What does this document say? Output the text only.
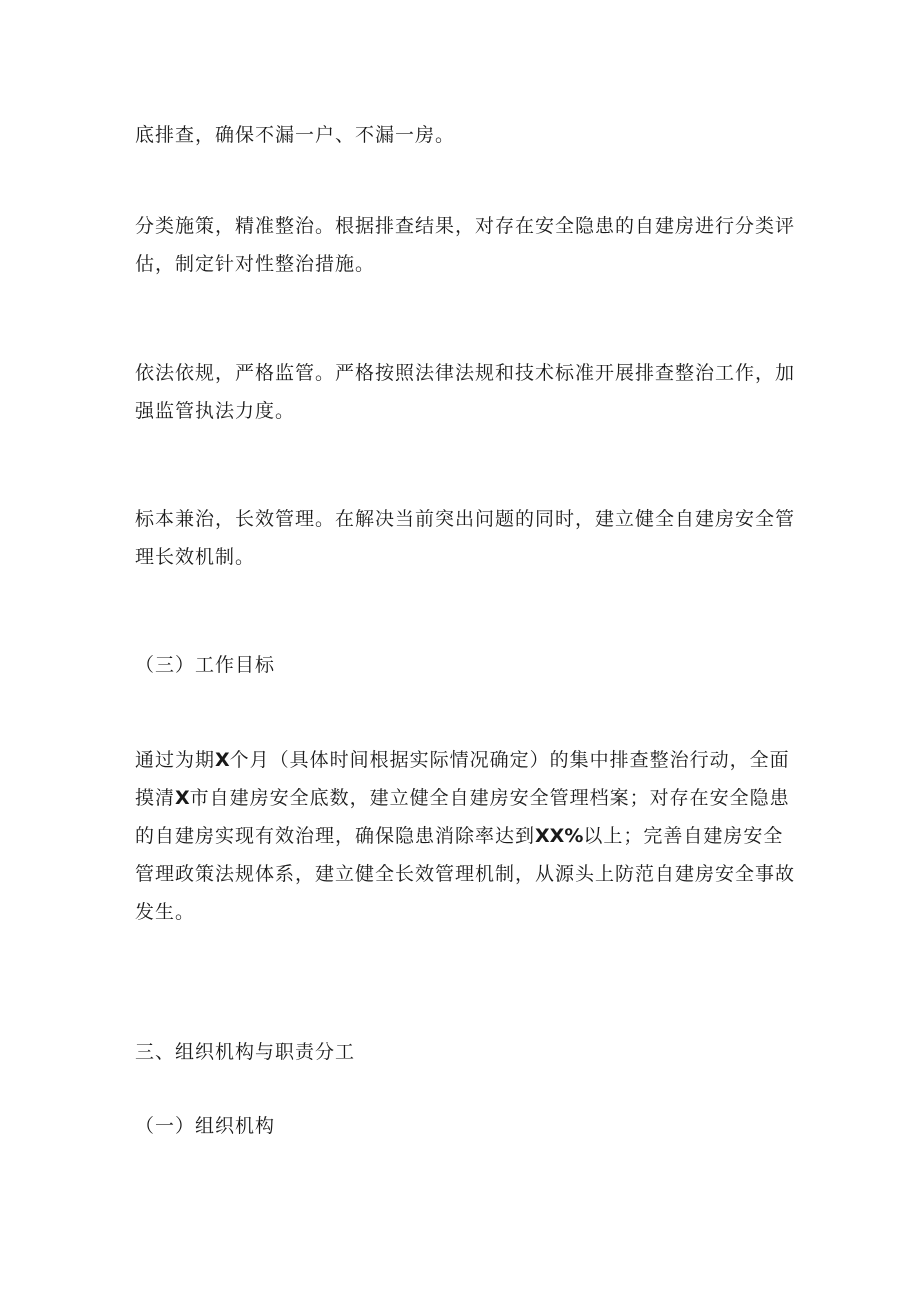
底排查，确保不漏一户、不漏一房。

分类施策，精准整治。根据排查结果，对存在安全隐患的自建房进行分类评
估，制定针对性整治措施。

依法依规，严格监管。严格按照法律法规和技术标准开展排查整治工作，加
强监管执法力度。

标本兼治，长效管理。在解决当前突出问题的同时，建立健全自建房安全管
理长效机制。

（三）工作目标

通过为期X个月（具体时间根据实际情况确定）的集中排查整治行动，全面
摸清X市自建房安全底数，建立健全自建房安全管理档案；对存在安全隐患
的自建房实现有效治理，确保隐患消除率达到XX%以上；完善自建房安全
管理政策法规体系，建立健全长效管理机制，从源头上防范自建房安全事故
发生。

三、组织机构与职责分工

（一）组织机构
